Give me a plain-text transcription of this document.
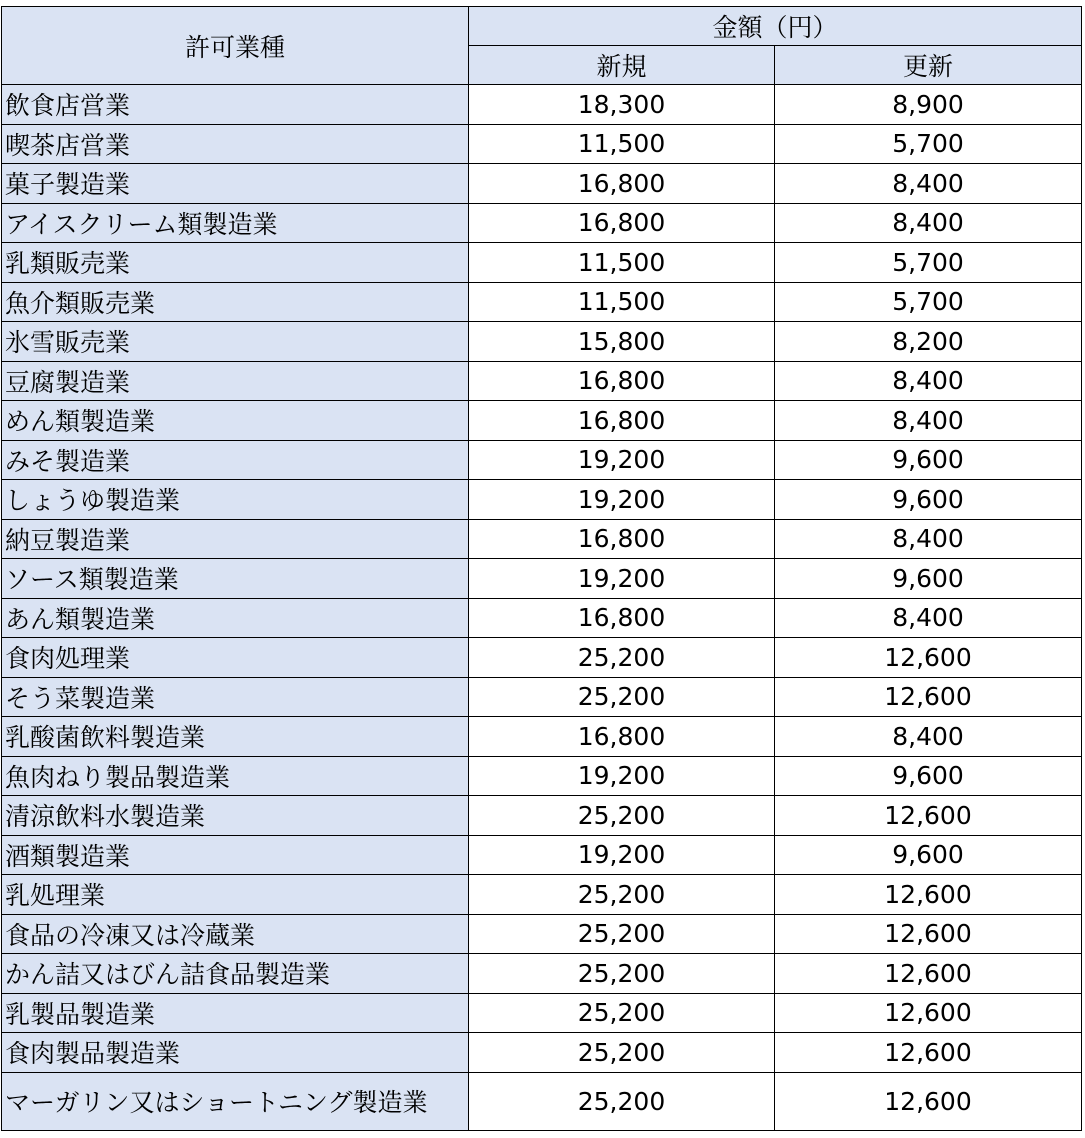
許可業種	金額（円）	
	新規	更新
飲食店営業	18,300	8,900
喫茶店営業	11,500	5,700
菓子製造業	16,800	8,400
アイスクリーム類製造業	16,800	8,400
乳類販売業	11,500	5,700
魚介類販売業	11,500	5,700
氷雪販売業	15,800	8,200
豆腐製造業	16,800	8,400
めん類製造業	16,800	8,400
みそ製造業	19,200	9,600
しょうゆ製造業	19,200	9,600
納豆製造業	16,800	8,400
ソース類製造業	19,200	9,600
あん類製造業	16,800	8,400
食肉処理業	25,200	12,600
そう菜製造業	25,200	12,600
乳酸菌飲料製造業	16,800	8,400
魚肉ねり製品製造業	19,200	9,600
清涼飲料水製造業	25,200	12,600
酒類製造業	19,200	9,600
乳処理業	25,200	12,600
食品の冷凍又は冷蔵業	25,200	12,600
かん詰又はびん詰食品製造業	25,200	12,600
乳製品製造業	25,200	12,600
食肉製品製造業	25,200	12,600
マーガリン又はショートニング製造業	25,200	12,600
